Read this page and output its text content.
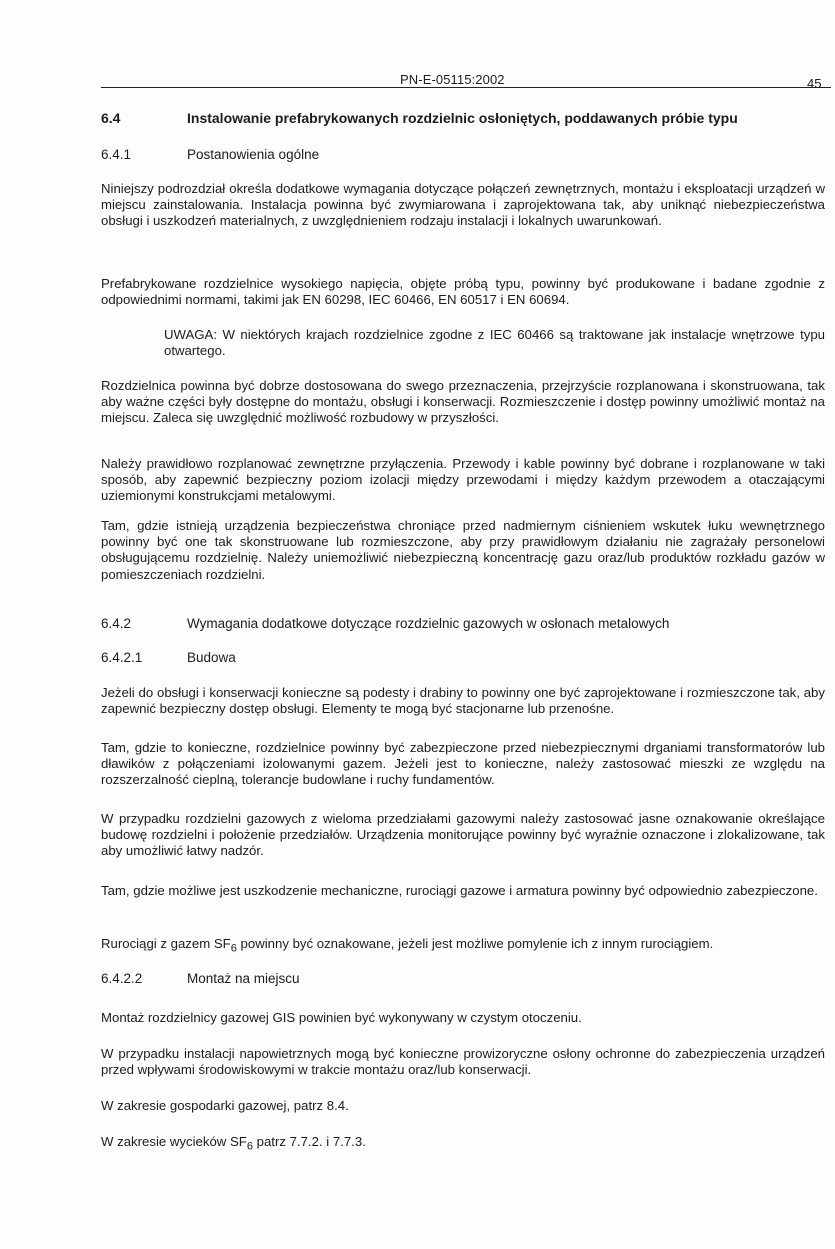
PN-E-05115:2002	45
6.4	Instalowanie prefabrykowanych rozdzielnic osłoniętych, poddawanych próbie typu
6.4.1	Postanowienia ogólne

Niniejszy podrozdział określa dodatkowe wymagania dotyczące połączeń zewnętrznych, montażu i eksploatacji urządzeń w miejscu zainstalowania. Instalacja powinna być zwymiarowana i zaprojektowana tak, aby uniknąć niebezpieczeństwa obsługi i uszkodzeń materialnych, z uwzględnieniem rodzaju instalacji i lokalnych uwarunkowań.

Prefabrykowane rozdzielnice wysokiego napięcia, objęte próbą typu, powinny być produkowane i badane zgodnie z odpowiednimi normami, takimi jak EN 60298, IEC 60466, EN 60517 i EN 60694.

UWAGA: W niektórych krajach rozdzielnice zgodne z IEC 60466 są traktowane jak instalacje wnętrzowe typu otwartego.

Rozdzielnica powinna być dobrze dostosowana do swego przeznaczenia, przejrzyście rozplanowana i skonstruowana, tak aby ważne części były dostępne do montażu, obsługi i konserwacji. Rozmieszczenie i dostęp powinny umożliwić montaż na miejscu. Zaleca się uwzględnić możliwość rozbudowy w przyszłości.

Należy prawidłowo rozplanować zewnętrzne przyłączenia. Przewody i kable powinny być dobrane i rozplanowane w taki sposób, aby zapewnić bezpieczny poziom izolacji między przewodami i między każdym przewodem a otaczającymi uziemionymi konstrukcjami metalowymi.

Tam, gdzie istnieją urządzenia bezpieczeństwa chroniące przed nadmiernym ciśnieniem wskutek łuku wewnętrznego powinny być one tak skonstruowane lub rozmieszczone, aby przy prawidłowym działaniu nie zagrażały personelowi obsługującemu rozdzielnię. Należy uniemożliwić niebezpieczną koncentrację gazu oraz/lub produktów rozkładu gazów w pomieszczeniach rozdzielni.

6.4.2	Wymagania dodatkowe dotyczące rozdzielnic gazowych w osłonach metalowych
6.4.2.1	Budowa

Jeżeli do obsługi i konserwacji konieczne są podesty i drabiny to powinny one być zaprojektowane i rozmieszczone tak, aby zapewnić bezpieczny dostęp obsługi. Elementy te mogą być stacjonarne lub przenośne.

Tam, gdzie to konieczne, rozdzielnice powinny być zabezpieczone przed niebezpiecznymi drganiami transformatorów lub dławików z połączeniami izolowanymi gazem. Jeżeli jest to konieczne, należy zastosować mieszki ze względu na rozszerzalność cieplną, tolerancje budowlane i ruchy fundamentów.

W przypadku rozdzielni gazowych z wieloma przedziałami gazowymi należy zastosować jasne oznakowanie określające budowę rozdzielni i położenie przedziałów. Urządzenia monitorujące powinny być wyraźnie oznaczone i zlokalizowane, tak aby umożliwić łatwy nadzór.

Tam, gdzie możliwe jest uszkodzenie mechaniczne, rurociągi gazowe i armatura powinny być odpowiednio zabezpieczone.

Rurociągi z gazem $SF_6$ powinny być oznakowane, jeżeli jest możliwe pomylenie ich z innym rurociągiem.

6.4.2.2	Montaż na miejscu

Montaż rozdzielnicy gazowej GIS powinien być wykonywany w czystym otoczeniu.

W przypadku instalacji napowietrznych mogą być konieczne prowizoryczne osłony ochronne do zabezpieczenia urządzeń przed wpływami środowiskowymi w trakcie montażu oraz/lub konserwacji.

W zakresie gospodarki gazowej, patrz 8.4.

W zakresie wycieków $SF_6$ patrz 7.7.2. i 7.7.3.
